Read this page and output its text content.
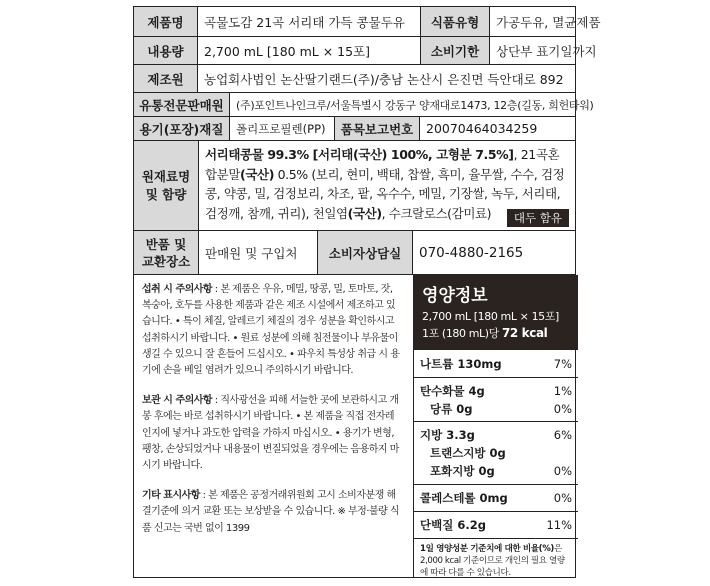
제품명	곡물도감 21곡 서리태 가득 콩물두유	식품유형	가공두유, 멸균제품
내용량	2,700 mL [180 mL × 15포]	소비기한	상단부 표기일까지
제조원	농업회사법인 논산딸기랜드(주)/충남 논산시 은진면 득안대로 892
유통전문판매원	(주)포인트나인크루/서울특별시 강동구 양재대로1473, 12층(길동, 희헌타워)
용기(포장)재질	폴리프로필렌(PP)	품목보고번호	20070464034259
원재료명
및 함량
서리태콩물 99.3% [서리태(국산) 100%, 고형분 7.5%], 21곡혼합분말(국산) 0.5% (보리, 현미, 백태, 찹쌀, 흑미, 율무쌀, 수수, 검정콩, 약콩, 밀, 검정보리, 차조, 팥, 옥수수, 메밀, 기장쌀, 녹두, 서리태, 검정깨, 참깨, 귀리), 천일염(국산), 수크랄로스(감미료)	대두 함유
반품 및
교환장소
판매원 및 구입처	소비자상담실	070-4880-2165

섭취 시 주의사항 : 본 제품은 우유, 메밀, 땅콩, 밀, 토마토, 잣, 복숭아, 호두를 사용한 제품과 같은 제조 시설에서 제조하고 있습니다. • 특이 체질, 알레르기 체질의 경우 성분을 확인하시고 섭취하시기 바랍니다. • 원료 성분에 의해 침전물이나 부유물이 생길 수 있으니 잘 흔들어 드십시오. • 파우치 특성상 취급 시 용기에 손을 베일 염려가 있으니 주의하시기 바랍니다.

보관 시 주의사항 : 직사광선을 피해 서늘한 곳에 보관하시고 개봉 후에는 바로 섭취하시기 바랍니다. • 본 제품을 직접 전자레인지에 넣거나 과도한 압력을 가하지 마십시오. • 용기가 변형, 팽창, 손상되었거나 내용물이 변질되었을 경우에는 음용하지 마시기 바랍니다.

기타 표시사항 : 본 제품은 공정거래위원회 고시 소비자분쟁 해결기준에 의거 교환 또는 보상받을 수 있습니다. ※ 부정·불량 식품 신고는 국번 없이 1399

영양정보
2,700 mL [180 mL × 15포]
1포 (180 mL)당 72 kcal
나트륨 130mg	7%
탄수화물 4g	1%
당류 0g	0%
지방 3.3g	6%
트랜스지방 0g
포화지방 0g	0%
콜레스테롤 0mg	0%
단백질 6.2g	11%
1일 영양성분 기준치에 대한 비율(%)은 2,000 kcal 기준이므로 개인의 필요 열량에 따라 다를 수 있습니다.
